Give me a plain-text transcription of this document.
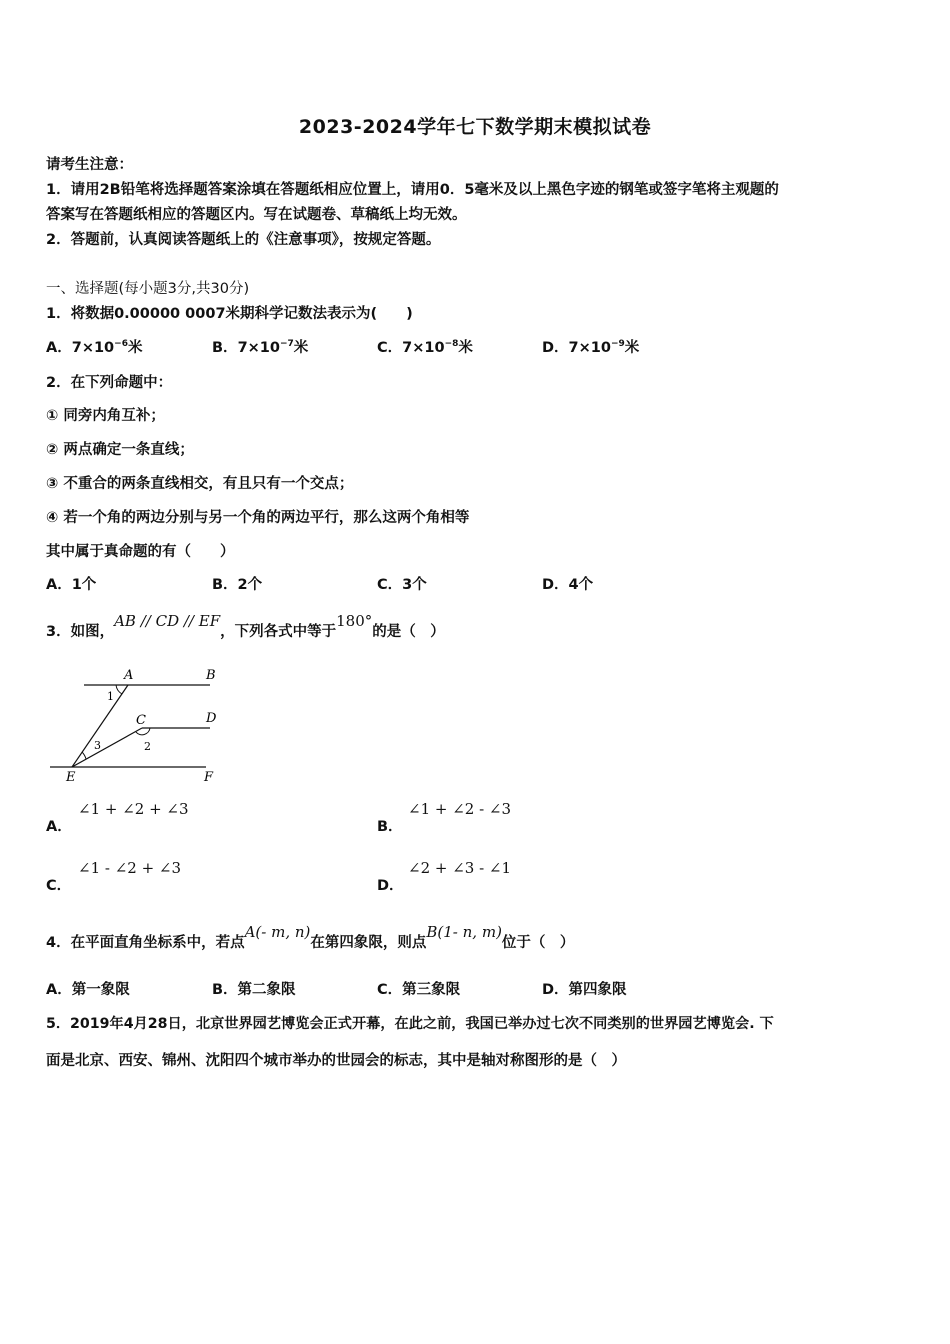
2023-2024学年七下数学期末模拟试卷
请考生注意：
1．请用2B铅笔将选择题答案涂填在答题纸相应位置上，请用0．5毫米及以上黑色字迹的钢笔或签字笔将主观题的
答案写在答题纸相应的答题区内。写在试题卷、草稿纸上均无效。
2．答题前，认真阅读答题纸上的《注意事项》，按规定答题。
一、选择题(每小题3分,共30分)
1．将数据0.00000 0007米期科学记数法表示为(　　)
A．$7\times 10^{-6}$米	B．$7\times 10^{-7}$米	C．$7\times 10^{-8}$米	D．$7\times 10^{-9}$米
2．在下列命题中：
① 同旁内角互补；
② 两点确定一条直线；
③ 不重合的两条直线相交，有且只有一个交点；
④ 若一个角的两边分别与另一个角的两边平行，那么这两个角相等
其中属于真命题的有（　　）
A．1个	B．2个	C．3个	D．4个
3．如图，AB // CD // EF，下列各式中等于180°的是（　）
A	B
C	D
E	F
1
2
3
A．
∠1 + ∠2 + ∠3
B．
∠1 + ∠2 - ∠3
C．
∠1 - ∠2 + ∠3
D．
∠2 + ∠3 - ∠1
4．在平面直角坐标系中，若点A(- m, n)在第四象限，则点B(1- n, m)位于（　）
A．第一象限	B．第二象限	C．第三象限	D．第四象限
5．2019年4月28日，北京世界园艺博览会正式开幕，在此之前，我国已举办过七次不同类别的世界园艺博览会. 下
面是北京、西安、锦州、沈阳四个城市举办的世园会的标志，其中是轴对称图形的是（　）
